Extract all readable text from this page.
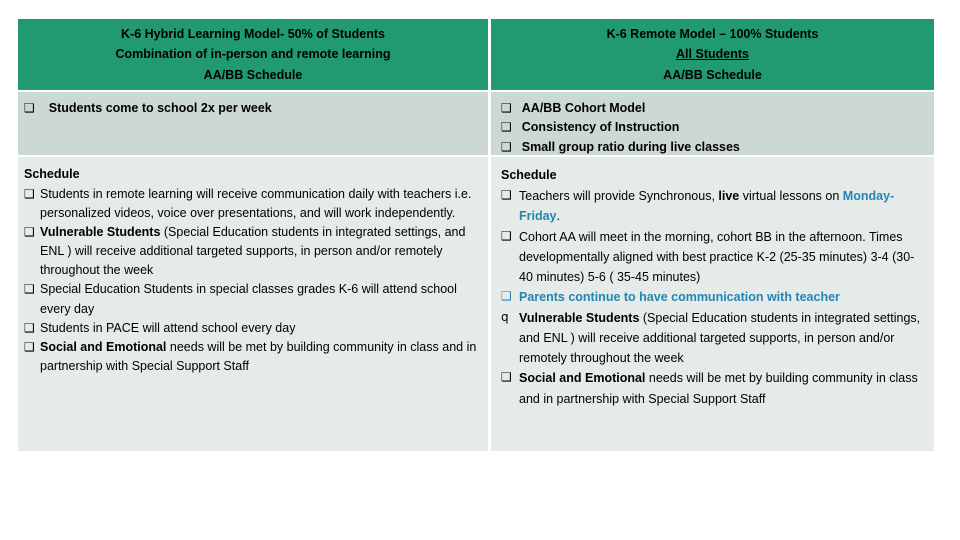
K-6 Hybrid Learning Model- 50% of Students
Combination of in-person and remote learning
AA/BB Schedule
K-6 Remote Model – 100% Students
All Students
AA/BB Schedule
❑ Students come to school 2x per week	❑ AA/BB Cohort Model
❑ Consistency of Instruction
❑ Small group ratio during live classes
Schedule
❑ Students in remote learning will receive communication daily with teachers i.e. personalized videos, voice over presentations, and will work independently.
❑ Vulnerable Students (Special Education students in integrated settings, and ENL ) will receive additional targeted supports, in person and/or remotely throughout the week
❑ Special Education Students in special classes grades K-6 will attend school every day
❑ Students in PACE will attend school every day
❑ Social and Emotional needs will be met by building community in class and in partnership with Special Support Staff
Schedule
❑ Teachers will provide Synchronous, live virtual lessons on Monday-Friday.
❑ Cohort AA will meet in the morning, cohort BB in the afternoon. Times developmentally aligned with best practice K-2 (25-35 minutes) 3-4 (30-40 minutes) 5-6 ( 35-45 minutes)
❑ Parents continue to have communication with teacher
q Vulnerable Students (Special Education students in integrated settings, and ENL ) will receive additional targeted supports, in person and/or remotely throughout the week
❑ Social and Emotional needs will be met by building community in class and in partnership with Special Support Staff
